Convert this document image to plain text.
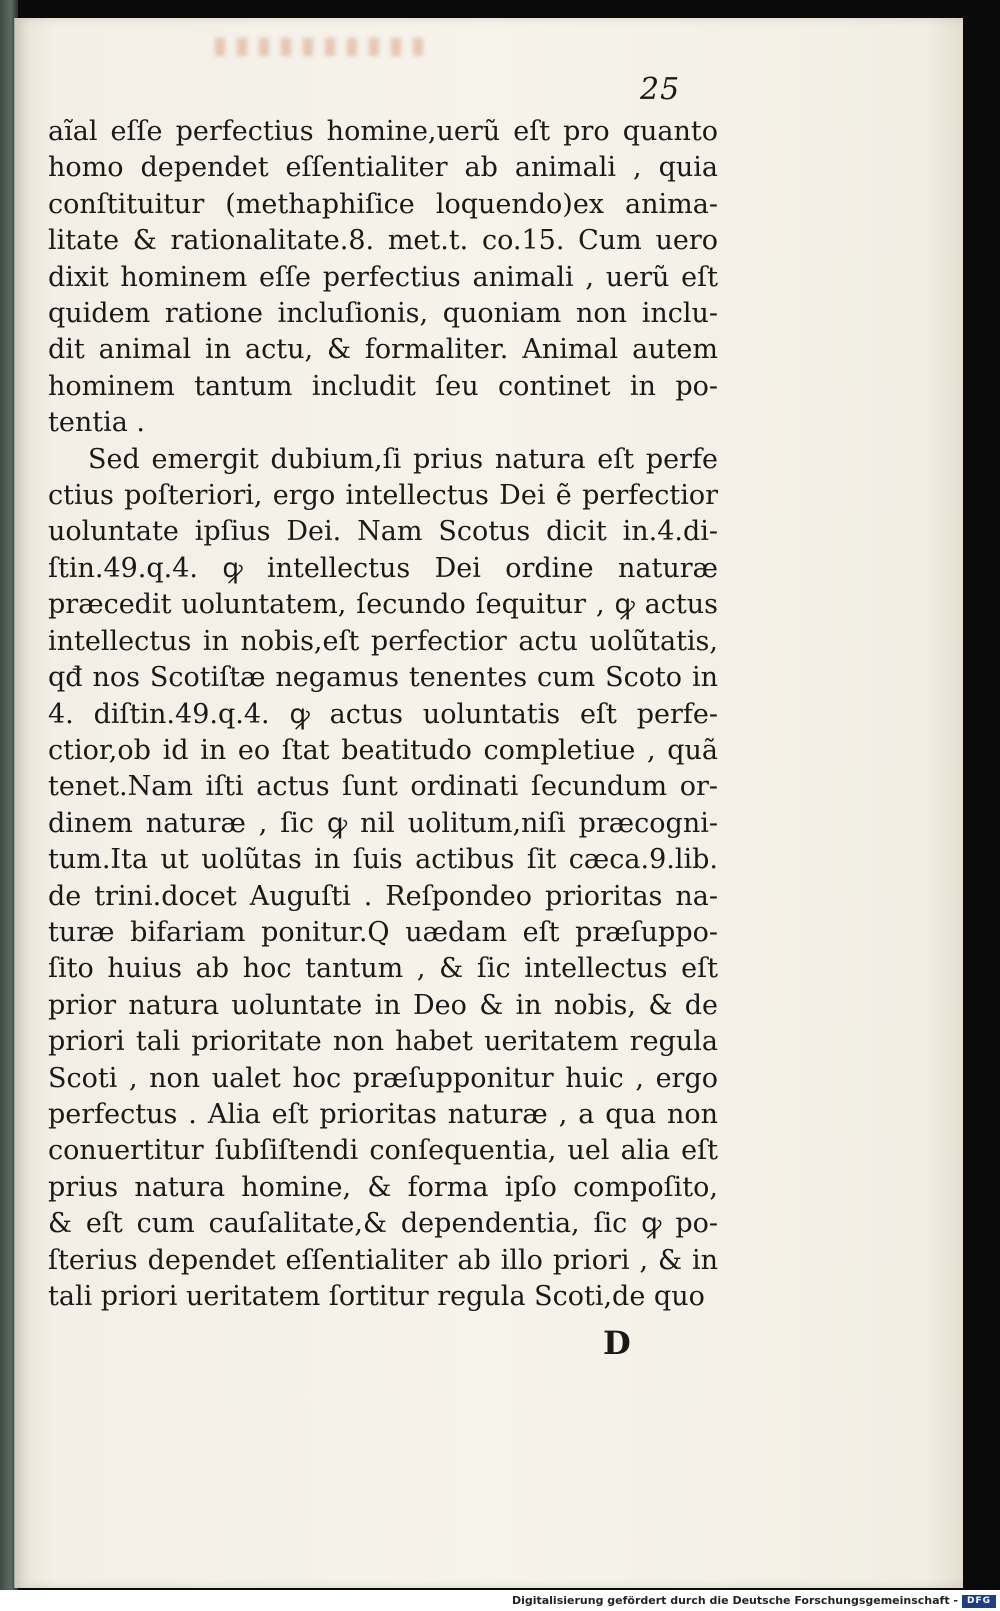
25
aĩal eſſe perfectius homine,uerũ eſt pro quanto
homo dependet eſſentialiter ab animali , quia
conſtituitur (methaphiſice loquendo)ex anima-
litate & rationalitate.8. met.t. co.15. Cum uero
dixit hominem eſſe perfectius animali , uerũ eſt
quidem ratione incluſionis, quoniam non inclu-
dit animal in actu, & formaliter. Animal autem
hominem tantum includit ſeu continet in po-
tentia .
Sed emergit dubium,ſi prius natura eſt perfe
ctius poſteriori, ergo intellectus Dei ẽ perfectior
uoluntate ipſius Dei. Nam Scotus dicit in.4.di-
ſtin.49.q.4. ꝙ intellectus Dei ordine naturæ
præcedit uoluntatem, ſecundo ſequitur , ꝙ actus
intellectus in nobis,eſt perfectior actu uolũtatis,
qđ nos Scotiſtæ negamus tenentes cum Scoto in
4. diſtin.49.q.4. ꝙ actus uoluntatis eſt perfe-
ctior,ob id in eo ſtat beatitudo completiue , quã
tenet.Nam iſti actus ſunt ordinati ſecundum or-
dinem naturæ , ſic ꝙ nil uolitum,niſi præcogni-
tum.Ita ut uolũtas in ſuis actibus ſit cæca.9.lib.
de trini.docet Auguſti . Reſpondeo prioritas na-
turæ bifariam ponitur.Q uædam eſt præſuppo-
ſito huius ab hoc tantum , & ſic intellectus eſt
prior natura uoluntate in Deo & in nobis, & de
priori tali prioritate non habet ueritatem regula
Scoti , non ualet hoc præſupponitur huic , ergo
perfectus . Alia eſt prioritas naturæ , a qua non
conuertitur ſubſiſtendi conſequentia, uel alia eſt
prius natura homine, & forma ipſo compoſito,
& eſt cum cauſalitate,& dependentia, ſic ꝙ po-
ſterius dependet eſſentialiter ab illo priori , & in
tali priori ueritatem ſortitur regula Scoti,de quo
D
Digitalisierung gefördert durch die Deutsche Forschungsgemeinschaft - DFG
